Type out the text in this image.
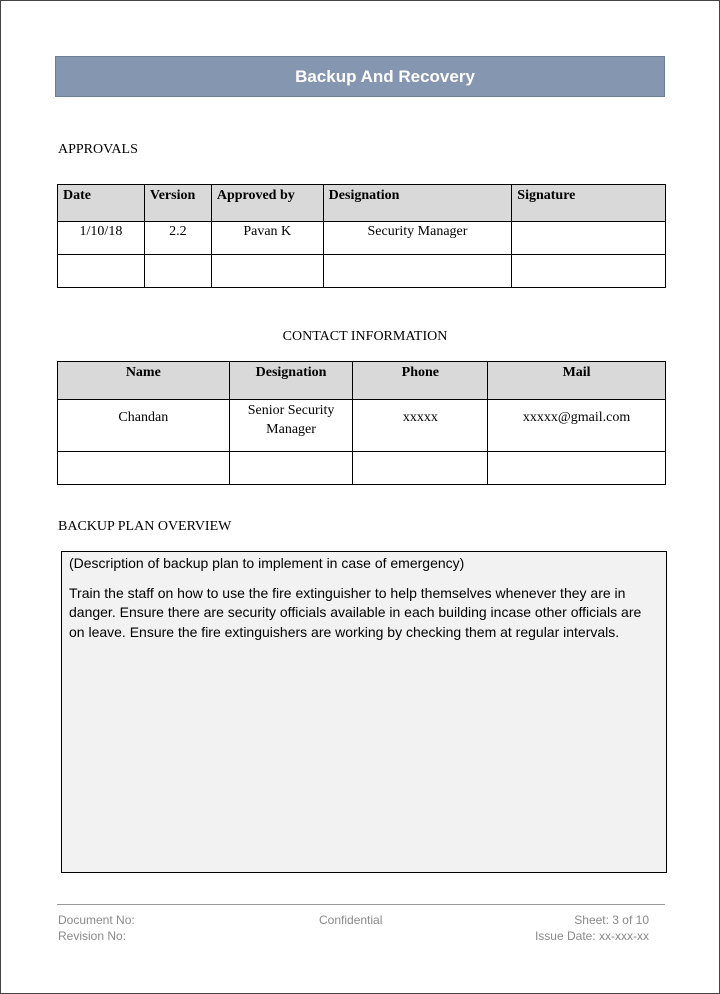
Backup And Recovery
APPROVALS
Date	Version	Approved by	Designation	Signature
1/10/18	2.2	Pavan K	Security Manager	

CONTACT INFORMATION
Name	Designation	Phone	Mail
Chandan	Senior Security Manager	xxxxx	xxxxx@gmail.com

BACKUP PLAN OVERVIEW

(Description of backup plan to implement in case of emergency)

Train the staff on how to use the fire extinguisher to help themselves whenever they are in danger. Ensure there are security officials available in each building incase other officials are on leave. Ensure the fire extinguishers are working by checking them at regular intervals.

Document No:
Revision No:
Confidential	Sheet: 3 of 10
Issue Date: xx-xxx-xx
